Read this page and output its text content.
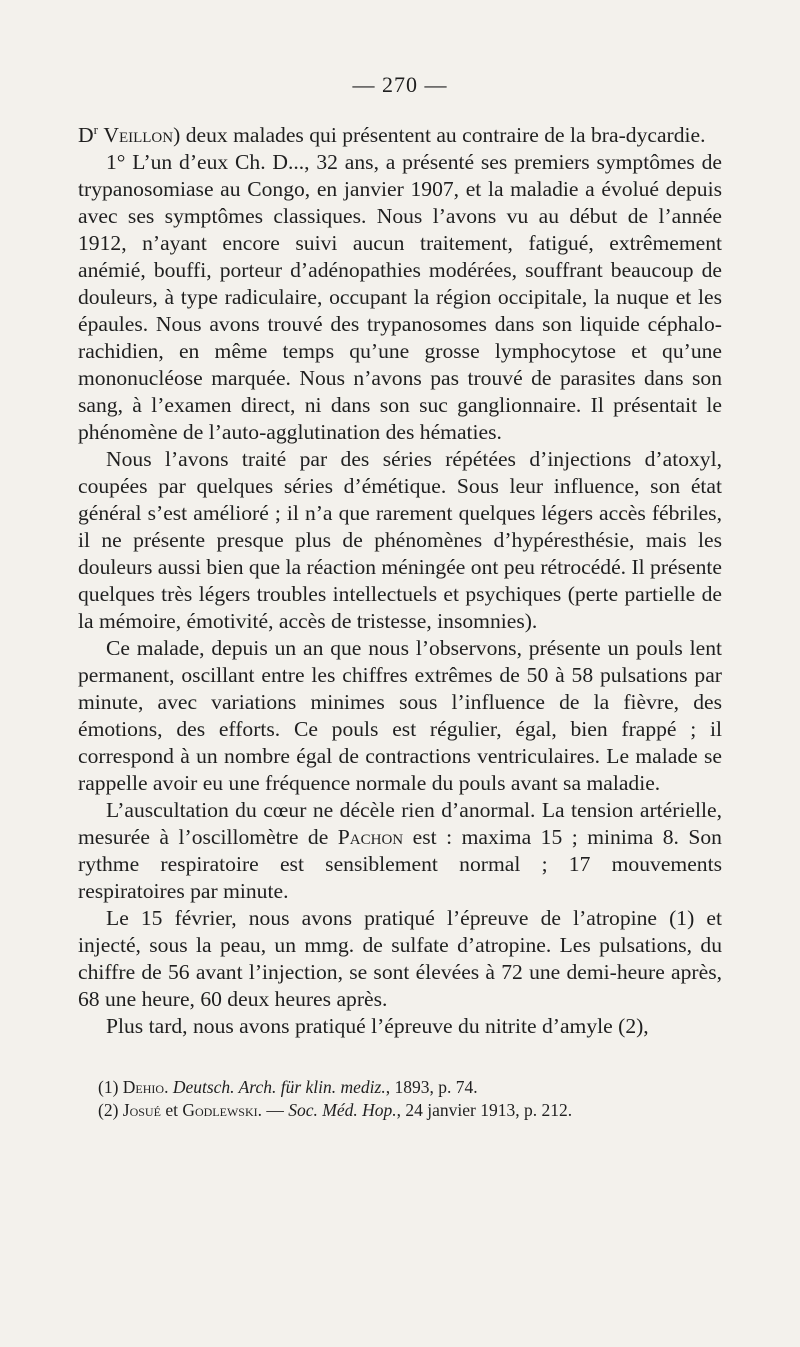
— 270 —

$D^r$ Veillon) deux malades qui présentent au contraire de la bra-dycardie.

1° L’un d’eux Ch. D..., 32 ans, a présenté ses premiers symptômes de trypanosomiase au Congo, en janvier 1907, et la maladie a évolué depuis avec ses symptômes classiques. Nous l’avons vu au début de l’année 1912, n’ayant encore suivi aucun traitement, fatigué, extrêmement anémié, bouffi, porteur d’adénopathies modérées, souffrant beaucoup de douleurs, à type radiculaire, occupant la région occipitale, la nuque et les épaules. Nous avons trouvé des trypanosomes dans son liquide céphalo-rachidien, en même temps qu’une grosse lymphocytose et qu’une mononucléose marquée. Nous n’avons pas trouvé de parasites dans son sang, à l’examen direct, ni dans son suc ganglionnaire. Il présentait le phénomène de l’auto-agglutination des hématies.

Nous l’avons traité par des séries répétées d’injections d’atoxyl, coupées par quelques séries d’émétique. Sous leur influence, son état général s’est amélioré ; il n’a que rarement quelques légers accès fébriles, il ne présente presque plus de phénomènes d’hypéresthésie, mais les douleurs aussi bien que la réaction méningée ont peu rétrocédé. Il présente quelques très légers troubles intellectuels et psychiques (perte partielle de la mémoire, émotivité, accès de tristesse, insomnies).

Ce malade, depuis un an que nous l’observons, présente un pouls lent permanent, oscillant entre les chiffres extrêmes de 50 à 58 pulsations par minute, avec variations minimes sous l’influence de la fièvre, des émotions, des efforts. Ce pouls est régulier, égal, bien frappé ; il correspond à un nombre égal de contractions ventriculaires. Le malade se rappelle avoir eu une fréquence normale du pouls avant sa maladie.

L’auscultation du cœur ne décèle rien d’anormal. La tension artérielle, mesurée à l’oscillomètre de Pachon est : maxima 15 ; minima 8. Son rythme respiratoire est sensiblement normal ; 17 mouvements respiratoires par minute.

Le 15 février, nous avons pratiqué l’épreuve de l’atropine (1) et injecté, sous la peau, un mmg. de sulfate d’atropine. Les pulsations, du chiffre de 56 avant l’injection, se sont élevées à 72 une demi-heure après, 68 une heure, 60 deux heures après.

Plus tard, nous avons pratiqué l’épreuve du nitrite d’amyle (2),

(1) Dehio. Deutsch. Arch. für klin. mediz., 1893, p. 74.

(2) Josué et Godlewski. — Soc. Méd. Hop., 24 janvier 1913, p. 212.
